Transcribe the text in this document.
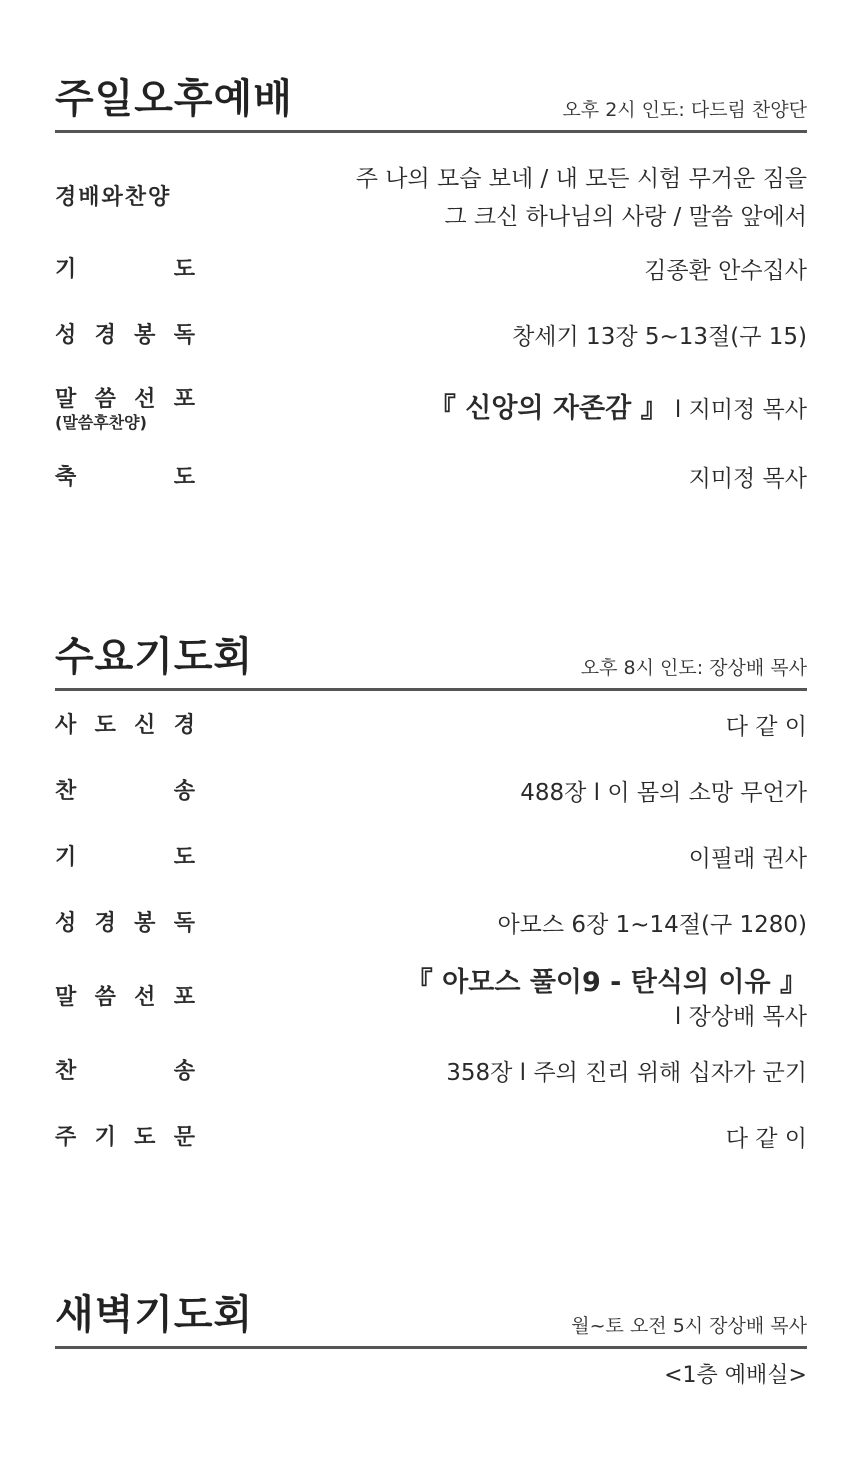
주일오후예배	오후 2시 인도: 다드림 찬양단
경배와찬양
주 나의 모습 보네 / 내 모든 시험 무거운 짐을
그 크신 하나님의 사랑 / 말씀 앞에서
기	도	김종환 안수집사
성 경 봉 독	창세기 13장 5~13절(구 15)
말 씀 선 포
(말씀후찬양)	『 신앙의 자존감 』 l 지미정 목사
축	도	지미정 목사
수요기도회	오후 8시 인도: 장상배 목사
사 도 신 경	다 같 이
찬	송	488장 l 이 몸의 소망 무언가
기	도	이필래 권사
성 경 봉 독	아모스 6장 1~14절(구 1280)
말 씀 선 포	『 아모스 풀이9 - 탄식의 이유 』
l 장상배 목사
찬	송	358장 l 주의 진리 위해 십자가 군기
주 기 도 문	다 같 이
새벽기도회	월~토 오전 5시 장상배 목사
<1층 예배실>
